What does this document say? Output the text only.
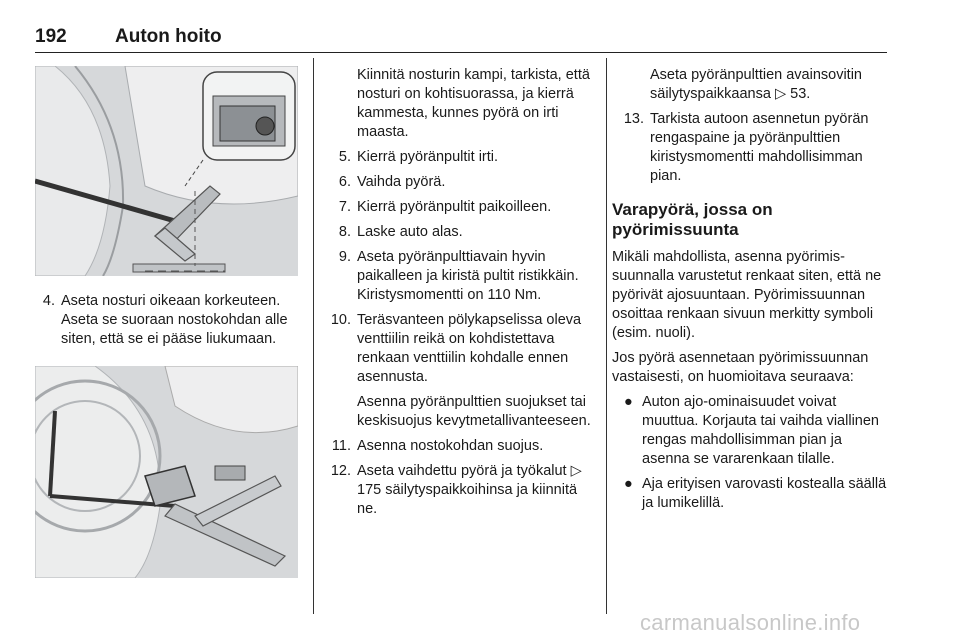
192	Auton hoito
4. Aseta nosturi oikeaan korkeuteen. Aseta se suoraan nostokohdan alle siten, että se ei pääse liukumaan.

Kiinnitä nosturin kampi, tarkista, että nosturi on kohtisuorassa, ja kierrä kammesta, kunnes pyörä on irti maasta.

5. Kierrä pyöränpultit irti.
6. Vaihda pyörä.
7. Kierrä pyöränpultit paikoilleen.
8. Laske auto alas.
9. Aseta pyöränpulttiavain hyvin paikalleen ja kiristä pultit ristikkäin. Kiristysmomentti on 110 Nm.
10. Teräsvanteen pölykapselissa oleva venttiilin reikä on kohdistettava renkaan venttiilin kohdalle ennen asennusta.

Asenna pyöränpulttien suojukset tai keskisuojus kevytmetallivanteeseen.

11. Asenna nostokohdan suojus.
12. Aseta vaihdettu pyörä ja työkalut ▷ 175 säilytyspaikkoihinsa ja kiinnitä ne.

Aseta pyöränpulttien avainsovitin säilytyspaikkaansa ▷ 53.

13. Tarkista autoon asennetun pyörän rengaspaine ja pyöränpulttien kiristysmomentti mahdollisimman pian.
Varapyörä, jossa on pyörimissuunta

Mikäli mahdollista, asenna pyörimissuunnalla varustetut renkaat siten, että ne pyörivät ajosuuntaan. Pyörimissuunnan osoittaa renkaan sivuun merkitty symboli (esim. nuoli).

Jos pyörä asennetaan pyörimissuunnan vastaisesti, on huomioitava seuraava:

● Auton ajo-ominaisuudet voivat muuttua. Korjauta tai vaihda viallinen rengas mahdollisimman pian ja asenna se vararenkaan tilalle.
● Aja erityisen varovasti kostealla säällä ja lumikelillä.
carmanualsonline.info
